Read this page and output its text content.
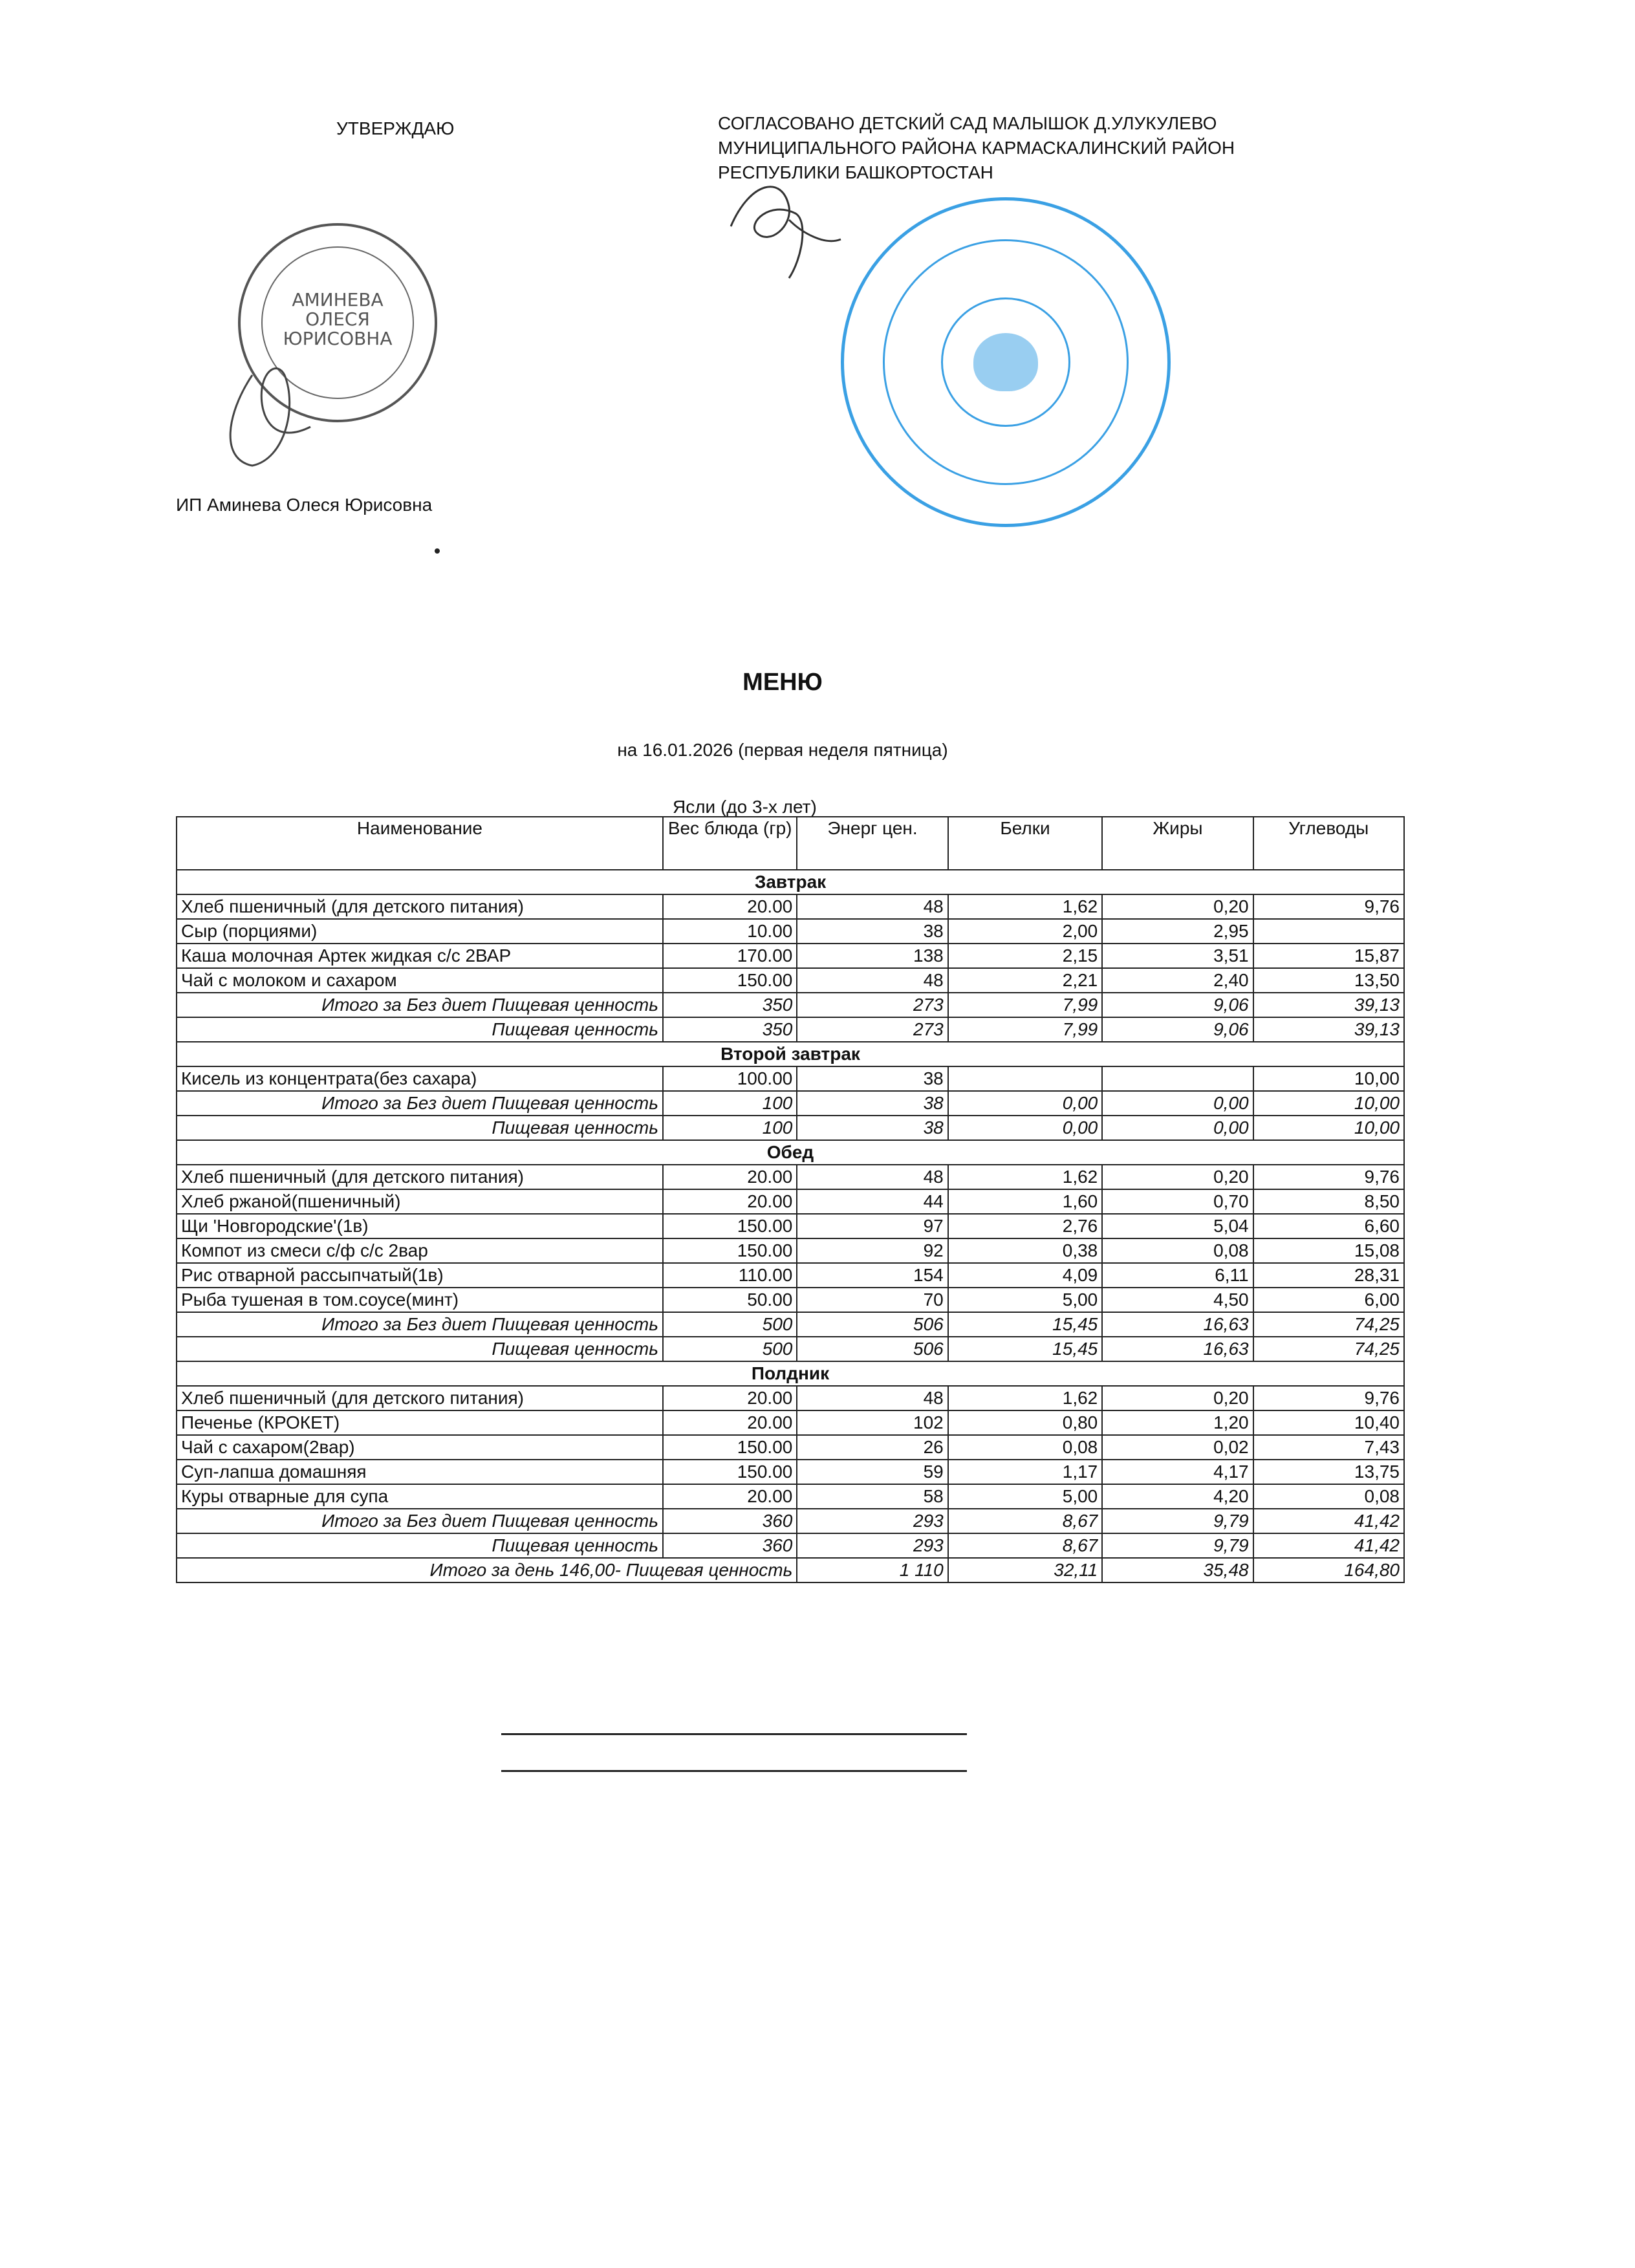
УТВЕРЖДАЮ	СОГЛАСОВАНО ДЕТСКИЙ САД МАЛЫШОК Д.УЛУКУЛЕВО
МУНИЦИПАЛЬНОГО РАЙОНА КАРМАСКАЛИНСКИЙ РАЙОН
РЕСПУБЛИКИ БАШКОРТОСТАН
АМИНЕВА
ОЛЕСЯ
ЮРИСОВНА
ИП Аминева Олеся Юрисовна
МЕНЮ
на 16.01.2026 (первая неделя пятница)
Ясли (до 3-х лет)
Наименование	Вес блюда (гр)	Энерг цен.	Белки	Жиры	Углеводы
Завтрак					
Хлеб пшеничный (для детского питания)	20.00	48	1,62	0,20	9,76
Сыр (порциями)	10.00	38	2,00	2,95	
Каша молочная Артек жидкая с/с 2ВАР	170.00	138	2,15	3,51	15,87
Чай с молоком и сахаром	150.00	48	2,21	2,40	13,50
Итого за Без диет Пищевая ценность	350	273	7,99	9,06	39,13
Пищевая ценность	350	273	7,99	9,06	39,13
Второй завтрак					
Кисель из концентрата(без сахара)	100.00	38			10,00
Итого за Без диет Пищевая ценность	100	38	0,00	0,00	10,00
Пищевая ценность	100	38	0,00	0,00	10,00
Обед					
Хлеб пшеничный (для детского питания)	20.00	48	1,62	0,20	9,76
Хлеб ржаной(пшеничный)	20.00	44	1,60	0,70	8,50
Щи 'Новгородские'(1в)	150.00	97	2,76	5,04	6,60
Компот из смеси с/ф с/с 2вар	150.00	92	0,38	0,08	15,08
Рис отварной рассыпчатый(1в)	110.00	154	4,09	6,11	28,31
Рыба тушеная в том.соусе(минт)	50.00	70	5,00	4,50	6,00
Итого за Без диет Пищевая ценность	500	506	15,45	16,63	74,25
Пищевая ценность	500	506	15,45	16,63	74,25
Полдник					
Хлеб пшеничный (для детского питания)	20.00	48	1,62	0,20	9,76
Печенье (КРОКЕТ)	20.00	102	0,80	1,20	10,40
Чай с сахаром(2вар)	150.00	26	0,08	0,02	7,43
Суп-лапша домашняя	150.00	59	1,17	4,17	13,75
Куры отварные для супа	20.00	58	5,00	4,20	0,08
Итого за Без диет Пищевая ценность	360	293	8,67	9,79	41,42
Пищевая ценность	360	293	8,67	9,79	41,42
Итого за день 146,00- Пищевая ценность		1 110	32,11	35,48	164,80
